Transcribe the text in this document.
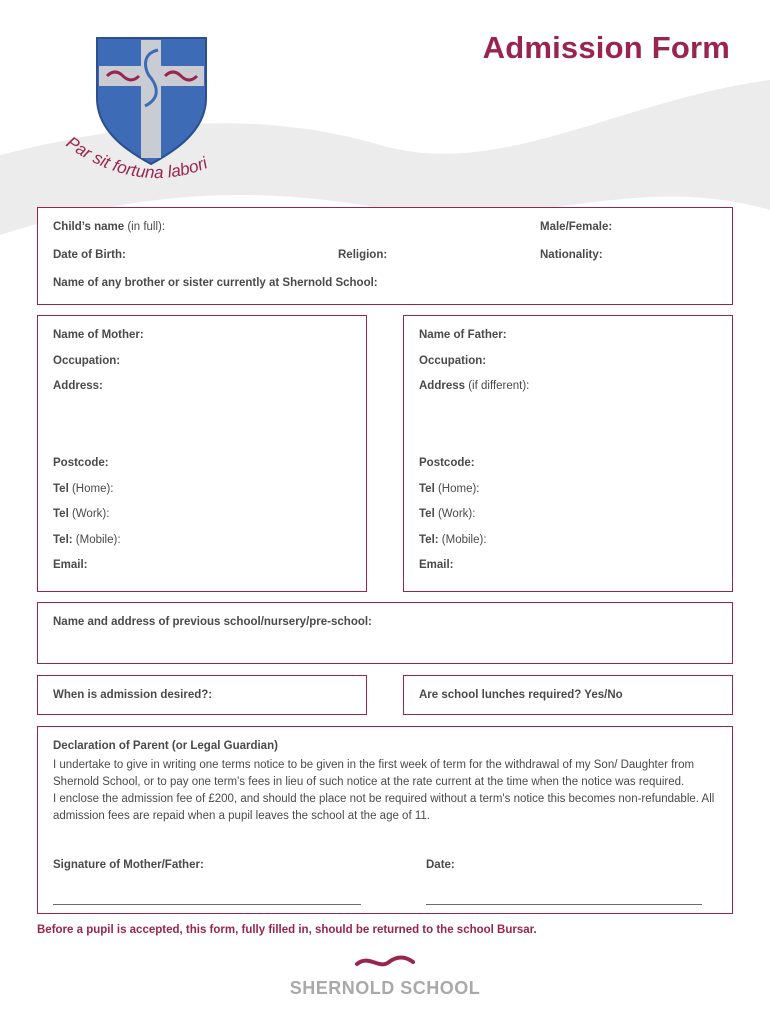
Par sit fortuna labori
Admission Form
Child’s name (in full):	Male/Female:
Date of Birth:	Religion:	Nationality:
Name of any brother or sister currently at Shernold School:
Name of Mother:
Occupation:
Address:
Postcode:
Tel (Home):
Tel (Work):
Tel: (Mobile):
Email:
Name of Father:
Occupation:
Address (if different):
Postcode:
Tel (Home):
Tel (Work):
Tel: (Mobile):
Email:
Name and address of previous school/nursery/pre-school:
When is admission desired?:	Are school lunches required? Yes/No
Declaration of Parent (or Legal Guardian)
I undertake to give in writing one terms notice to be given in the first week of term for the withdrawal of my Son/ Daughter from Shernold School, or to pay one term's fees in lieu of such notice at the rate current at the time when the notice was required.
I enclose the admission fee of £200, and should the place not be required without a term's notice this becomes non-refundable. All admission fees are repaid when a pupil leaves the school at the age of 11.
Signature of Mother/Father:	Date:
Before a pupil is accepted, this form, fully filled in, should be returned to the school Bursar.
SHERNOLD SCHOOL
